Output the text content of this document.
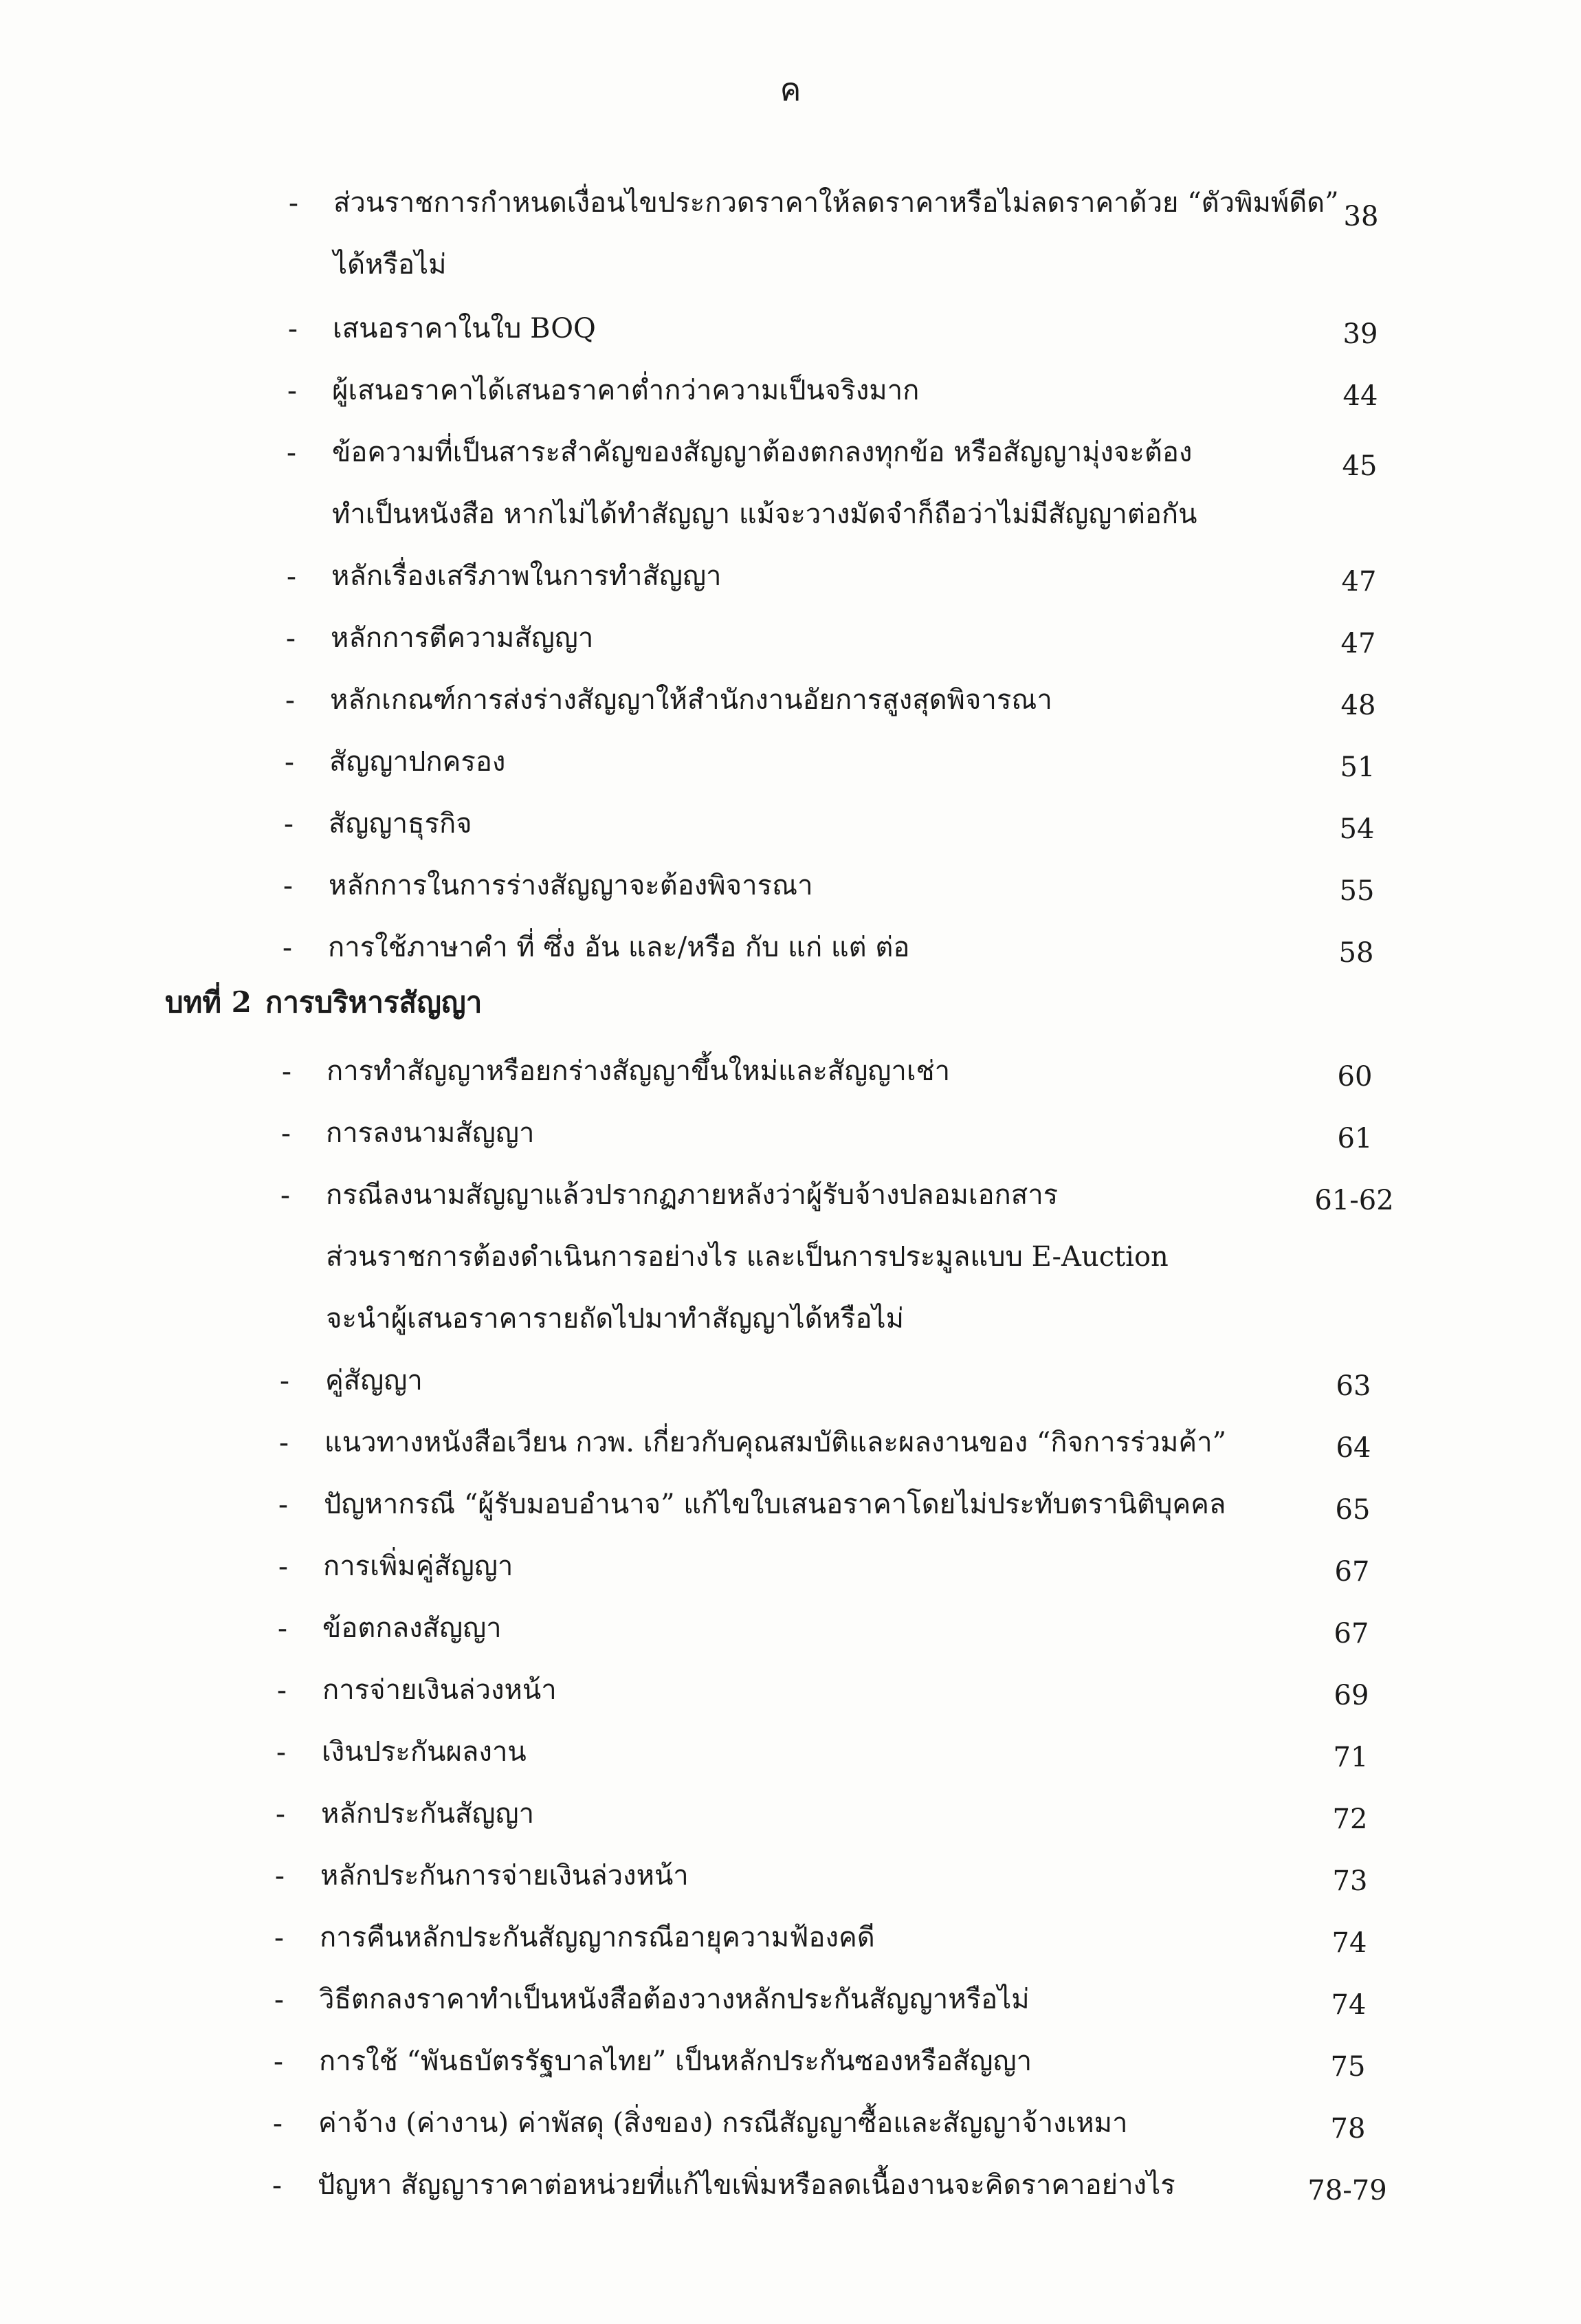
ค
- ส่วนราชการกำหนดเงื่อนไขประกวดราคาให้ลดราคาหรือไม่ลดราคาด้วย “ตัวพิมพ์ดีด”
ได้หรือไม่
38
- เสนอราคาในใบ BOQ	39
- ผู้เสนอราคาได้เสนอราคาต่ำกว่าความเป็นจริงมาก	44
- ข้อความที่เป็นสาระสำคัญของสัญญาต้องตกลงทุกข้อ หรือสัญญามุ่งจะต้อง
ทำเป็นหนังสือ หากไม่ได้ทำสัญญา แม้จะวางมัดจำก็ถือว่าไม่มีสัญญาต่อกัน
45
- หลักเรื่องเสรีภาพในการทำสัญญา	47
- หลักการตีความสัญญา	47
- หลักเกณฑ์การส่งร่างสัญญาให้สำนักงานอัยการสูงสุดพิจารณา	48
- สัญญาปกครอง	51
- สัญญาธุรกิจ	54
- หลักการในการร่างสัญญาจะต้องพิจารณา	55
- การใช้ภาษาคำ ที่ ซึ่ง อัน และ/หรือ กับ แก่ แต่ ต่อ	58
บทที่ 2 การบริหารสัญญา
- การทำสัญญาหรือยกร่างสัญญาขึ้นใหม่และสัญญาเช่า	60
- การลงนามสัญญา	61
- กรณีลงนามสัญญาแล้วปรากฏภายหลังว่าผู้รับจ้างปลอมเอกสาร
ส่วนราชการต้องดำเนินการอย่างไร และเป็นการประมูลแบบ E-Auction
จะนำผู้เสนอราคารายถัดไปมาทำสัญญาได้หรือไม่
61-62
- คู่สัญญา	63
- แนวทางหนังสือเวียน กวพ. เกี่ยวกับคุณสมบัติและผลงานของ “กิจการร่วมค้า”	64
- ปัญหากรณี “ผู้รับมอบอำนาจ” แก้ไขใบเสนอราคาโดยไม่ประทับตรานิติบุคคล	65
- การเพิ่มคู่สัญญา	67
- ข้อตกลงสัญญา	67
- การจ่ายเงินล่วงหน้า	69
- เงินประกันผลงาน	71
- หลักประกันสัญญา	72
- หลักประกันการจ่ายเงินล่วงหน้า	73
- การคืนหลักประกันสัญญากรณีอายุความฟ้องคดี	74
- วิธีตกลงราคาทำเป็นหนังสือต้องวางหลักประกันสัญญาหรือไม่	74
- การใช้ “พันธบัตรรัฐบาลไทย” เป็นหลักประกันซองหรือสัญญา	75
- ค่าจ้าง (ค่างาน) ค่าพัสดุ (สิ่งของ) กรณีสัญญาซื้อและสัญญาจ้างเหมา	78
- ปัญหา สัญญาราคาต่อหน่วยที่แก้ไขเพิ่มหรือลดเนื้องานจะคิดราคาอย่างไร	78-79
